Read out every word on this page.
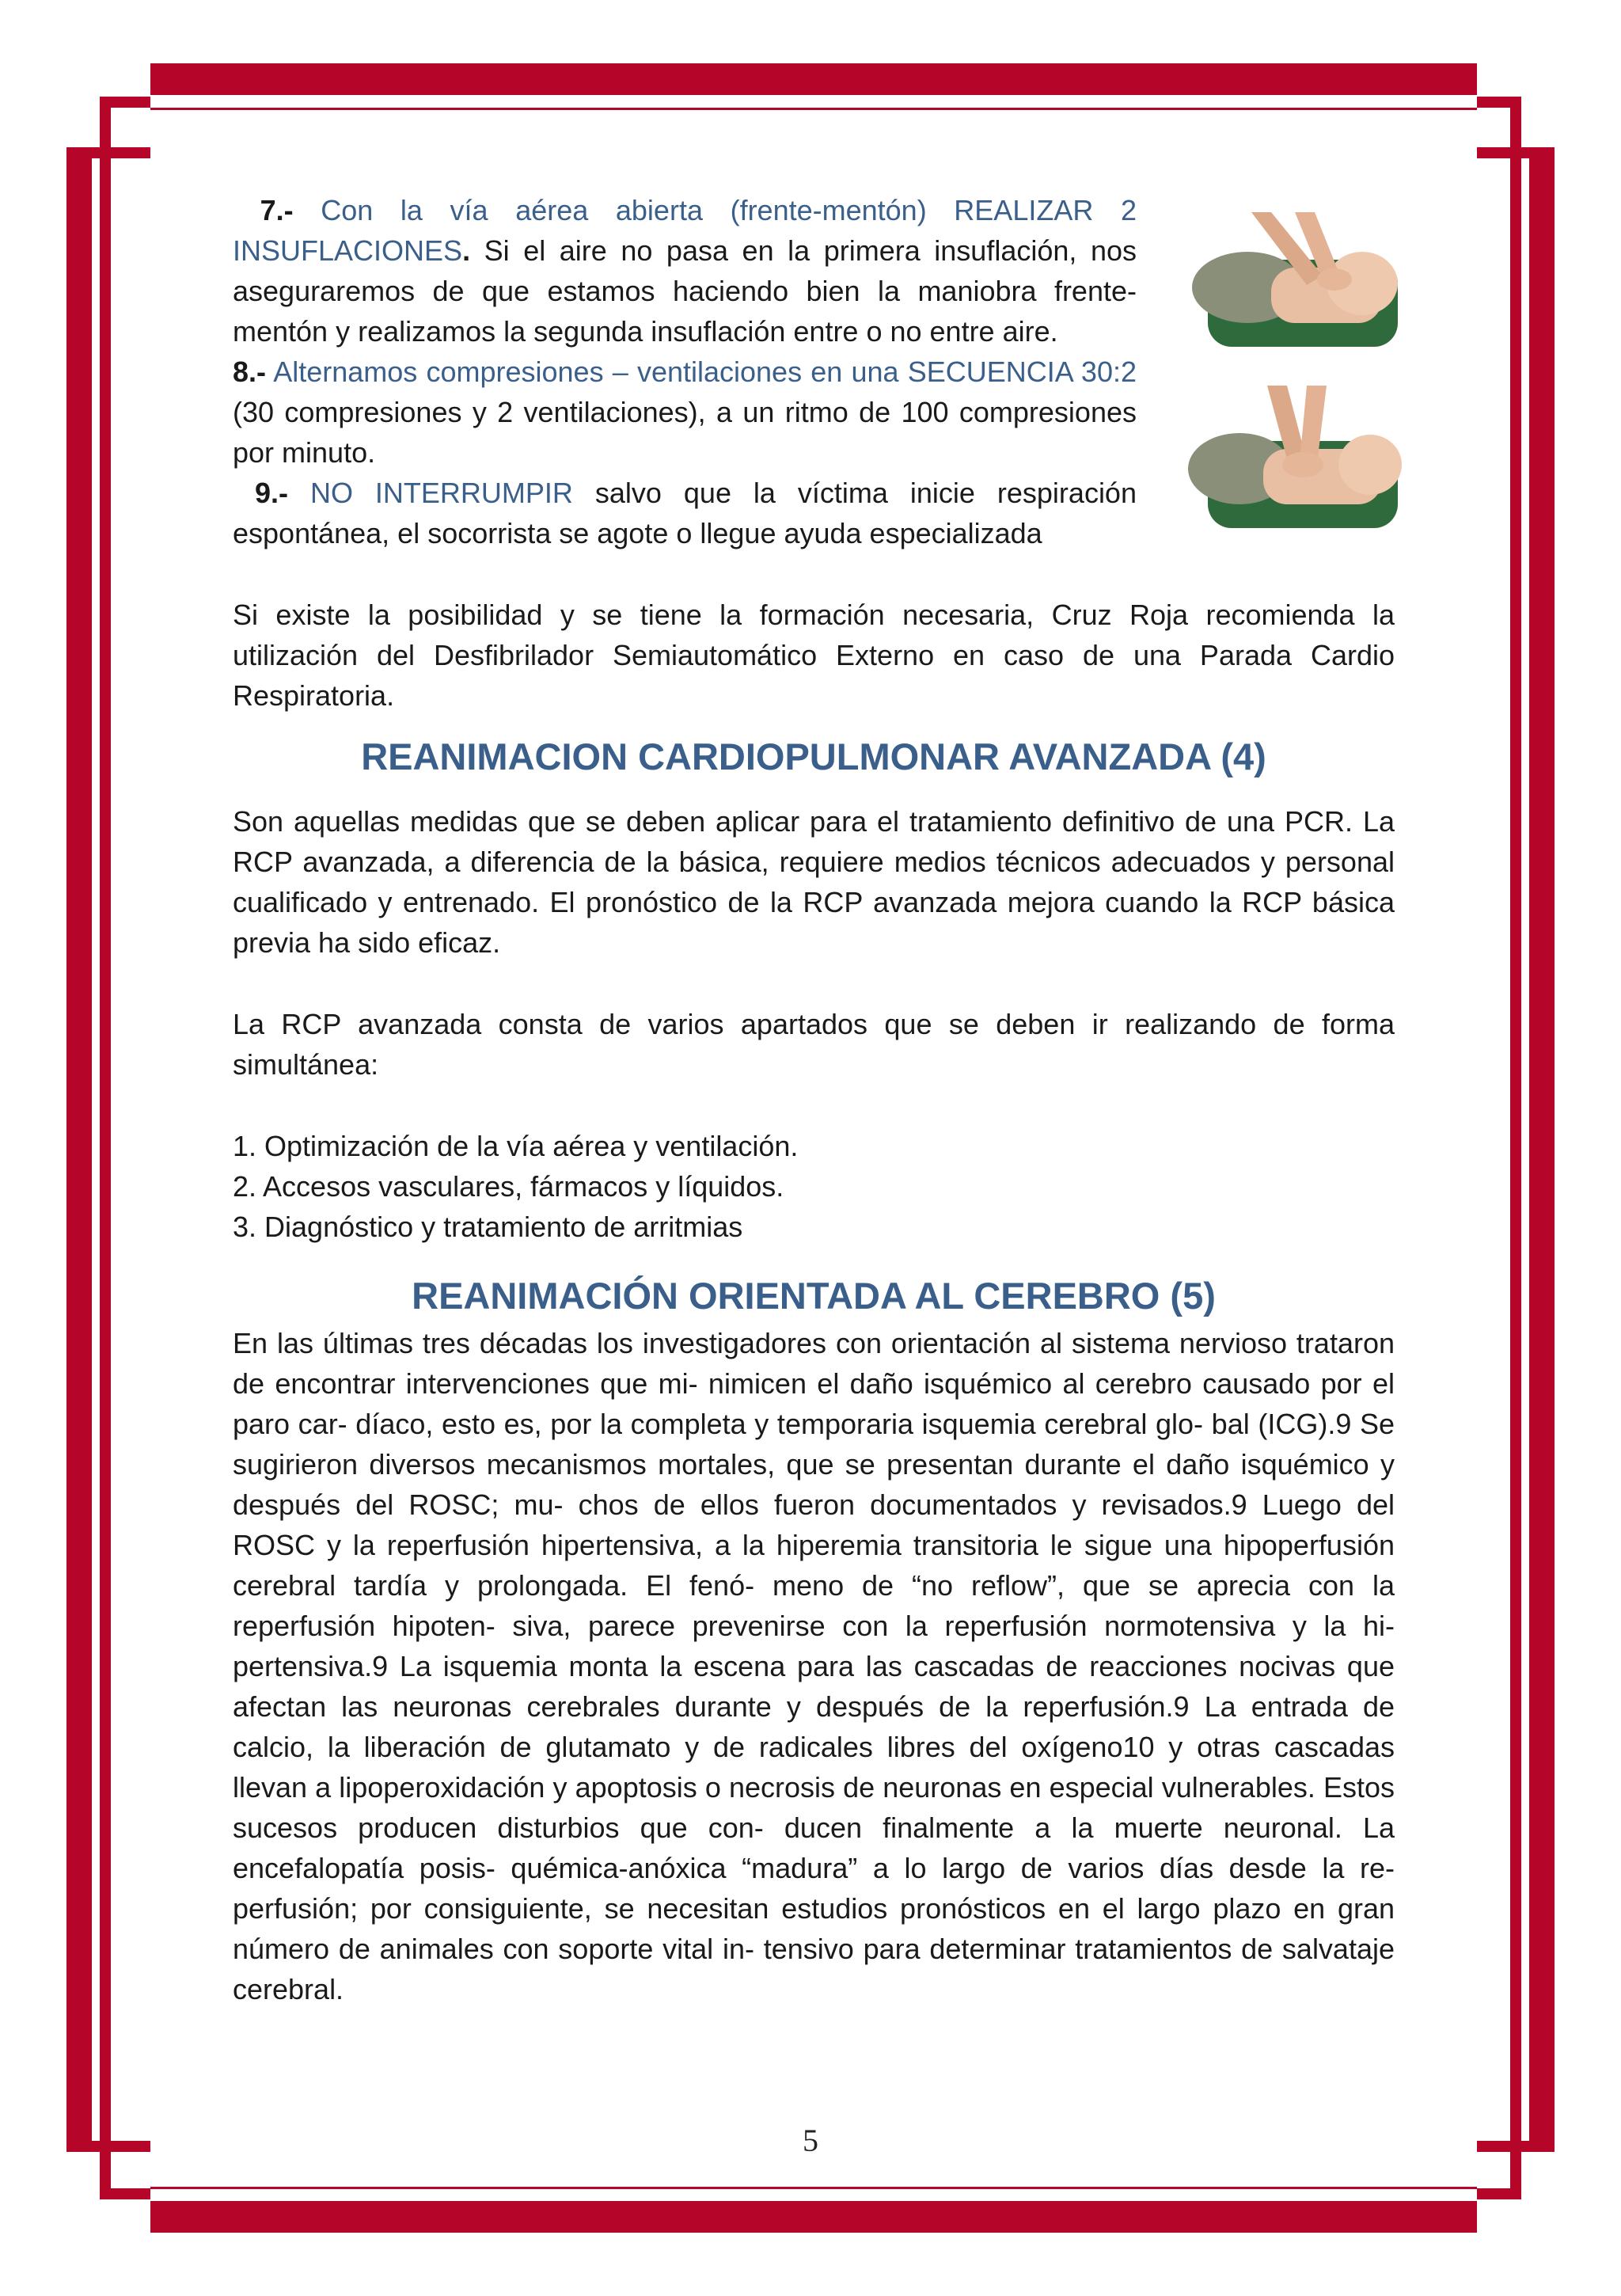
7.- Con la vía aérea abierta (frente-mentón) REALIZAR 2 INSUFLACIONES. Si el aire no pasa en la primera insuflación, nos aseguraremos de que estamos haciendo bien la maniobra frente-mentón y realizamos la segunda insuflación entre o no entre aire.

8.- Alternamos compresiones – ventilaciones en una SECUENCIA 30:2 (30 compresiones y 2 ventilaciones), a un ritmo de 100 compresiones por minuto.

9.- NO INTERRUMPIR salvo que la víctima inicie respiración espontánea, el socorrista se agote o llegue ayuda especializada

Si existe la posibilidad y se tiene la formación necesaria, Cruz Roja recomienda la utilización del Desfibrilador Semiautomático Externo en caso de una Parada Cardio Respiratoria.

REANIMACION CARDIOPULMONAR AVANZADA (4)

Son aquellas medidas que se deben aplicar para el tratamiento definitivo de una PCR. La RCP avanzada, a diferencia de la básica, requiere medios técnicos adecuados y personal cualificado y entrenado. El pronóstico de la RCP avanzada mejora cuando la RCP básica previa ha sido eficaz.

La RCP avanzada consta de varios apartados que se deben ir realizando de forma simultánea:

1. Optimización de la vía aérea y ventilación.
2. Accesos vasculares, fármacos y líquidos.
3. Diagnóstico y tratamiento de arritmias
REANIMACIÓN ORIENTADA AL CEREBRO (5)

En las últimas tres décadas los investigadores con orientación al sistema nervioso trataron de encontrar intervenciones que mi- nimicen el daño isquémico al cerebro causado por el paro car- díaco, esto es, por la completa y temporaria isquemia cerebral glo- bal (ICG).9 Se sugirieron diversos mecanismos mortales, que se presentan durante el daño isquémico y después del ROSC; mu- chos de ellos fueron documentados y revisados.9 Luego del ROSC y la reperfusión hipertensiva, a la hiperemia transitoria le sigue una hipoperfusión cerebral tardía y prolongada. El fenó- meno de “no reflow”, que se aprecia con la reperfusión hipoten- siva, parece prevenirse con la reperfusión normotensiva y la hi- pertensiva.9 La isquemia monta la escena para las cascadas de reacciones nocivas que afectan las neuronas cerebrales durante y después de la reperfusión.9 La entrada de calcio, la liberación de glutamato y de radicales libres del oxígeno10 y otras cascadas llevan a lipoperoxidación y apoptosis o necrosis de neuronas en especial vulnerables. Estos sucesos producen disturbios que con- ducen finalmente a la muerte neuronal. La encefalopatía posis- quémica-anóxica “madura” a lo largo de varios días desde la re- perfusión; por consiguiente, se necesitan estudios pronósticos en el largo plazo en gran número de animales con soporte vital in- tensivo para determinar tratamientos de salvataje cerebral.

5
